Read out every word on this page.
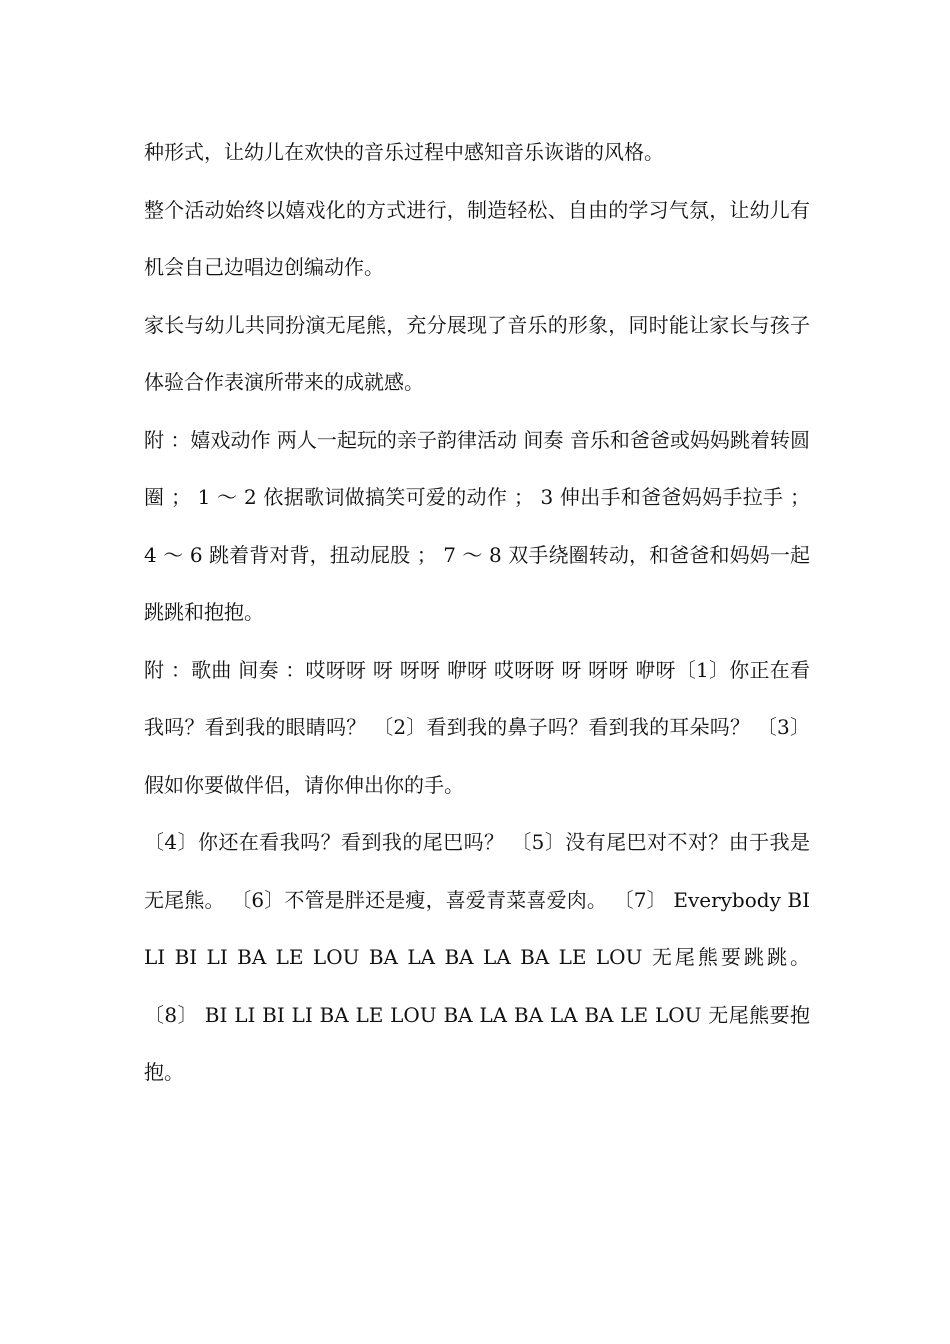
种形式，让幼儿在欢快的音乐过程中感知音乐诙谐的风格。

整个活动始终以嬉戏化的方式进行，制造轻松、自由的学习气氛，让幼儿有机会自己边唱边创编动作。

家长与幼儿共同扮演无尾熊，充分展现了音乐的形象，同时能让家长与孩子体验合作表演所带来的成就感。

附 ：嬉戏动作 两人一起玩的亲子韵律活动 间奏 音乐和爸爸或妈妈跳着转圆圈 ； 1 ～ 2 依据歌词做搞笑可爱的动作 ； 3 伸出手和爸爸妈妈手拉手 ； 4 ～ 6 跳着背对背，扭动屁股 ； 7 ～ 8 双手绕圈转动，和爸爸和妈妈一起跳跳和抱抱。

附 ：歌曲 间奏 ：哎呀呀 呀 呀呀 咿呀 哎呀呀 呀 呀呀 咿呀〔1〕你正在看我吗？看到我的眼睛吗？ 〔2〕看到我的鼻子吗？看到我的耳朵吗？ 〔3〕假如你要做伴侣，请你伸出你的手。

〔4〕你还在看我吗？看到我的尾巴吗？ 〔5〕没有尾巴对不对？由于我是无尾熊。 〔6〕不管是胖还是瘦，喜爱青菜喜爱肉。 〔7〕 Everybody BI LI BI LI BA LE LOU BA LA BA LA BA LE LOU 无尾熊要跳跳。 〔8〕 BI LI BI LI BA LE LOU BA LA BA LA BA LE LOU 无尾熊要抱抱。
